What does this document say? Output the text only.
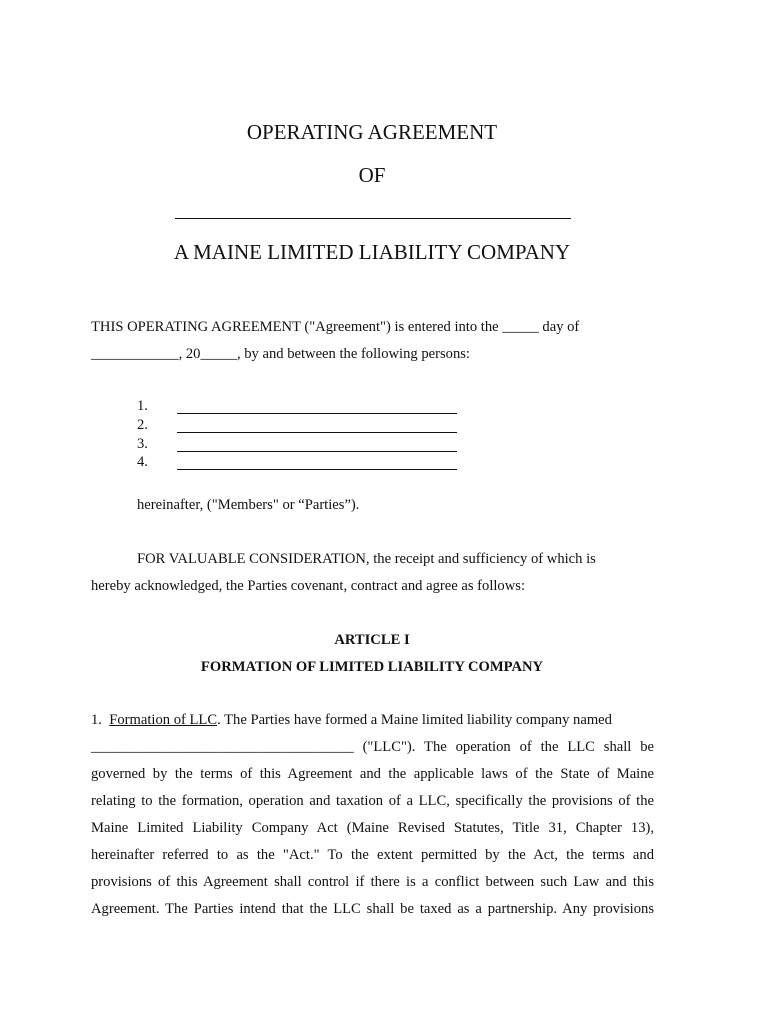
OPERATING AGREEMENT
OF
A MAINE LIMITED LIABILITY COMPANY
THIS OPERATING AGREEMENT ("Agreement") is entered into the _____ day of
____________, 20_____, by and between the following persons:
1.
2.
3.
4.
hereinafter, ("Members" or “Parties”).
FOR VALUABLE CONSIDERATION, the receipt and sufficiency of which is
hereby acknowledged, the Parties covenant, contract and agree as follows:
ARTICLE I
FORMATION OF LIMITED LIABILITY COMPANY
1. Formation of LLC. The Parties have formed a Maine limited liability company named
____________________________________ ("LLC"). The operation of the LLC shall be
governed by the terms of this Agreement and the applicable laws of the State of Maine
relating to the formation, operation and taxation of a LLC, specifically the provisions of the
Maine Limited Liability Company Act (Maine Revised Statutes, Title 31, Chapter 13),
hereinafter referred to as the "Act." To the extent permitted by the Act, the terms and
provisions of this Agreement shall control if there is a conflict between such Law and this
Agreement. The Parties intend that the LLC shall be taxed as a partnership. Any provisions
